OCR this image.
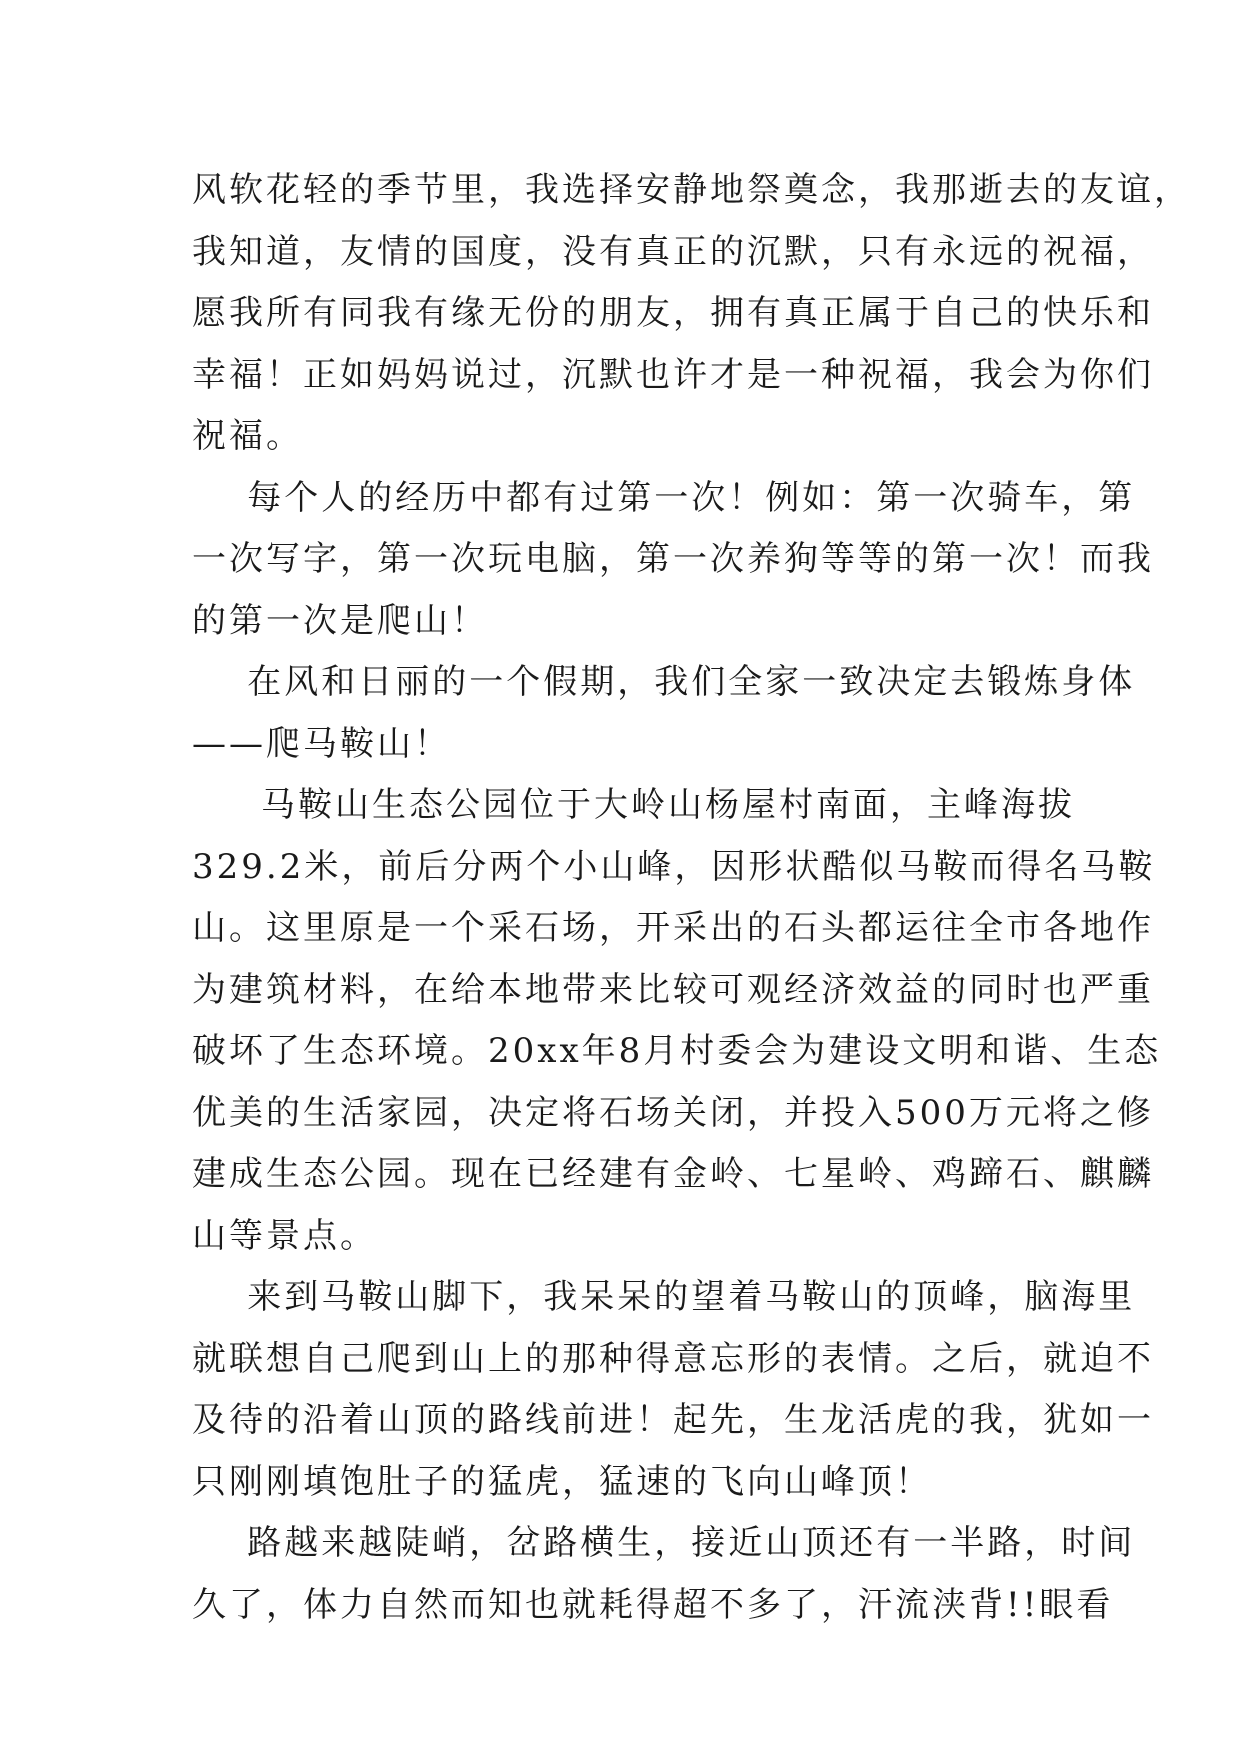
风软花轻的季节里，我选择安静地祭奠念，我那逝去的友谊，
我知道，友情的国度，没有真正的沉默，只有永远的祝福，
愿我所有同我有缘无份的朋友，拥有真正属于自己的快乐和
幸福！正如妈妈说过，沉默也许才是一种祝福，我会为你们
祝福。
每个人的经历中都有过第一次！例如：第一次骑车，第
一次写字，第一次玩电脑，第一次养狗等等的第一次！而我
的第一次是爬山！
在风和日丽的一个假期，我们全家一致决定去锻炼身体
——爬马鞍山！
马鞍山生态公园位于大岭山杨屋村南面，主峰海拔
329.2米，前后分两个小山峰，因形状酷似马鞍而得名马鞍
山。这里原是一个采石场，开采出的石头都运往全市各地作
为建筑材料，在给本地带来比较可观经济效益的同时也严重
破坏了生态环境。20xx年8月村委会为建设文明和谐、生态
优美的生活家园，决定将石场关闭，并投入500万元将之修
建成生态公园。现在已经建有金岭、七星岭、鸡蹄石、麒麟
山等景点。
来到马鞍山脚下，我呆呆的望着马鞍山的顶峰，脑海里
就联想自己爬到山上的那种得意忘形的表情。之后，就迫不
及待的沿着山顶的路线前进！起先，生龙活虎的我，犹如一
只刚刚填饱肚子的猛虎，猛速的飞向山峰顶！
路越来越陡峭，岔路横生，接近山顶还有一半路，时间
久了，体力自然而知也就耗得超不多了，汗流浃背!!眼看
